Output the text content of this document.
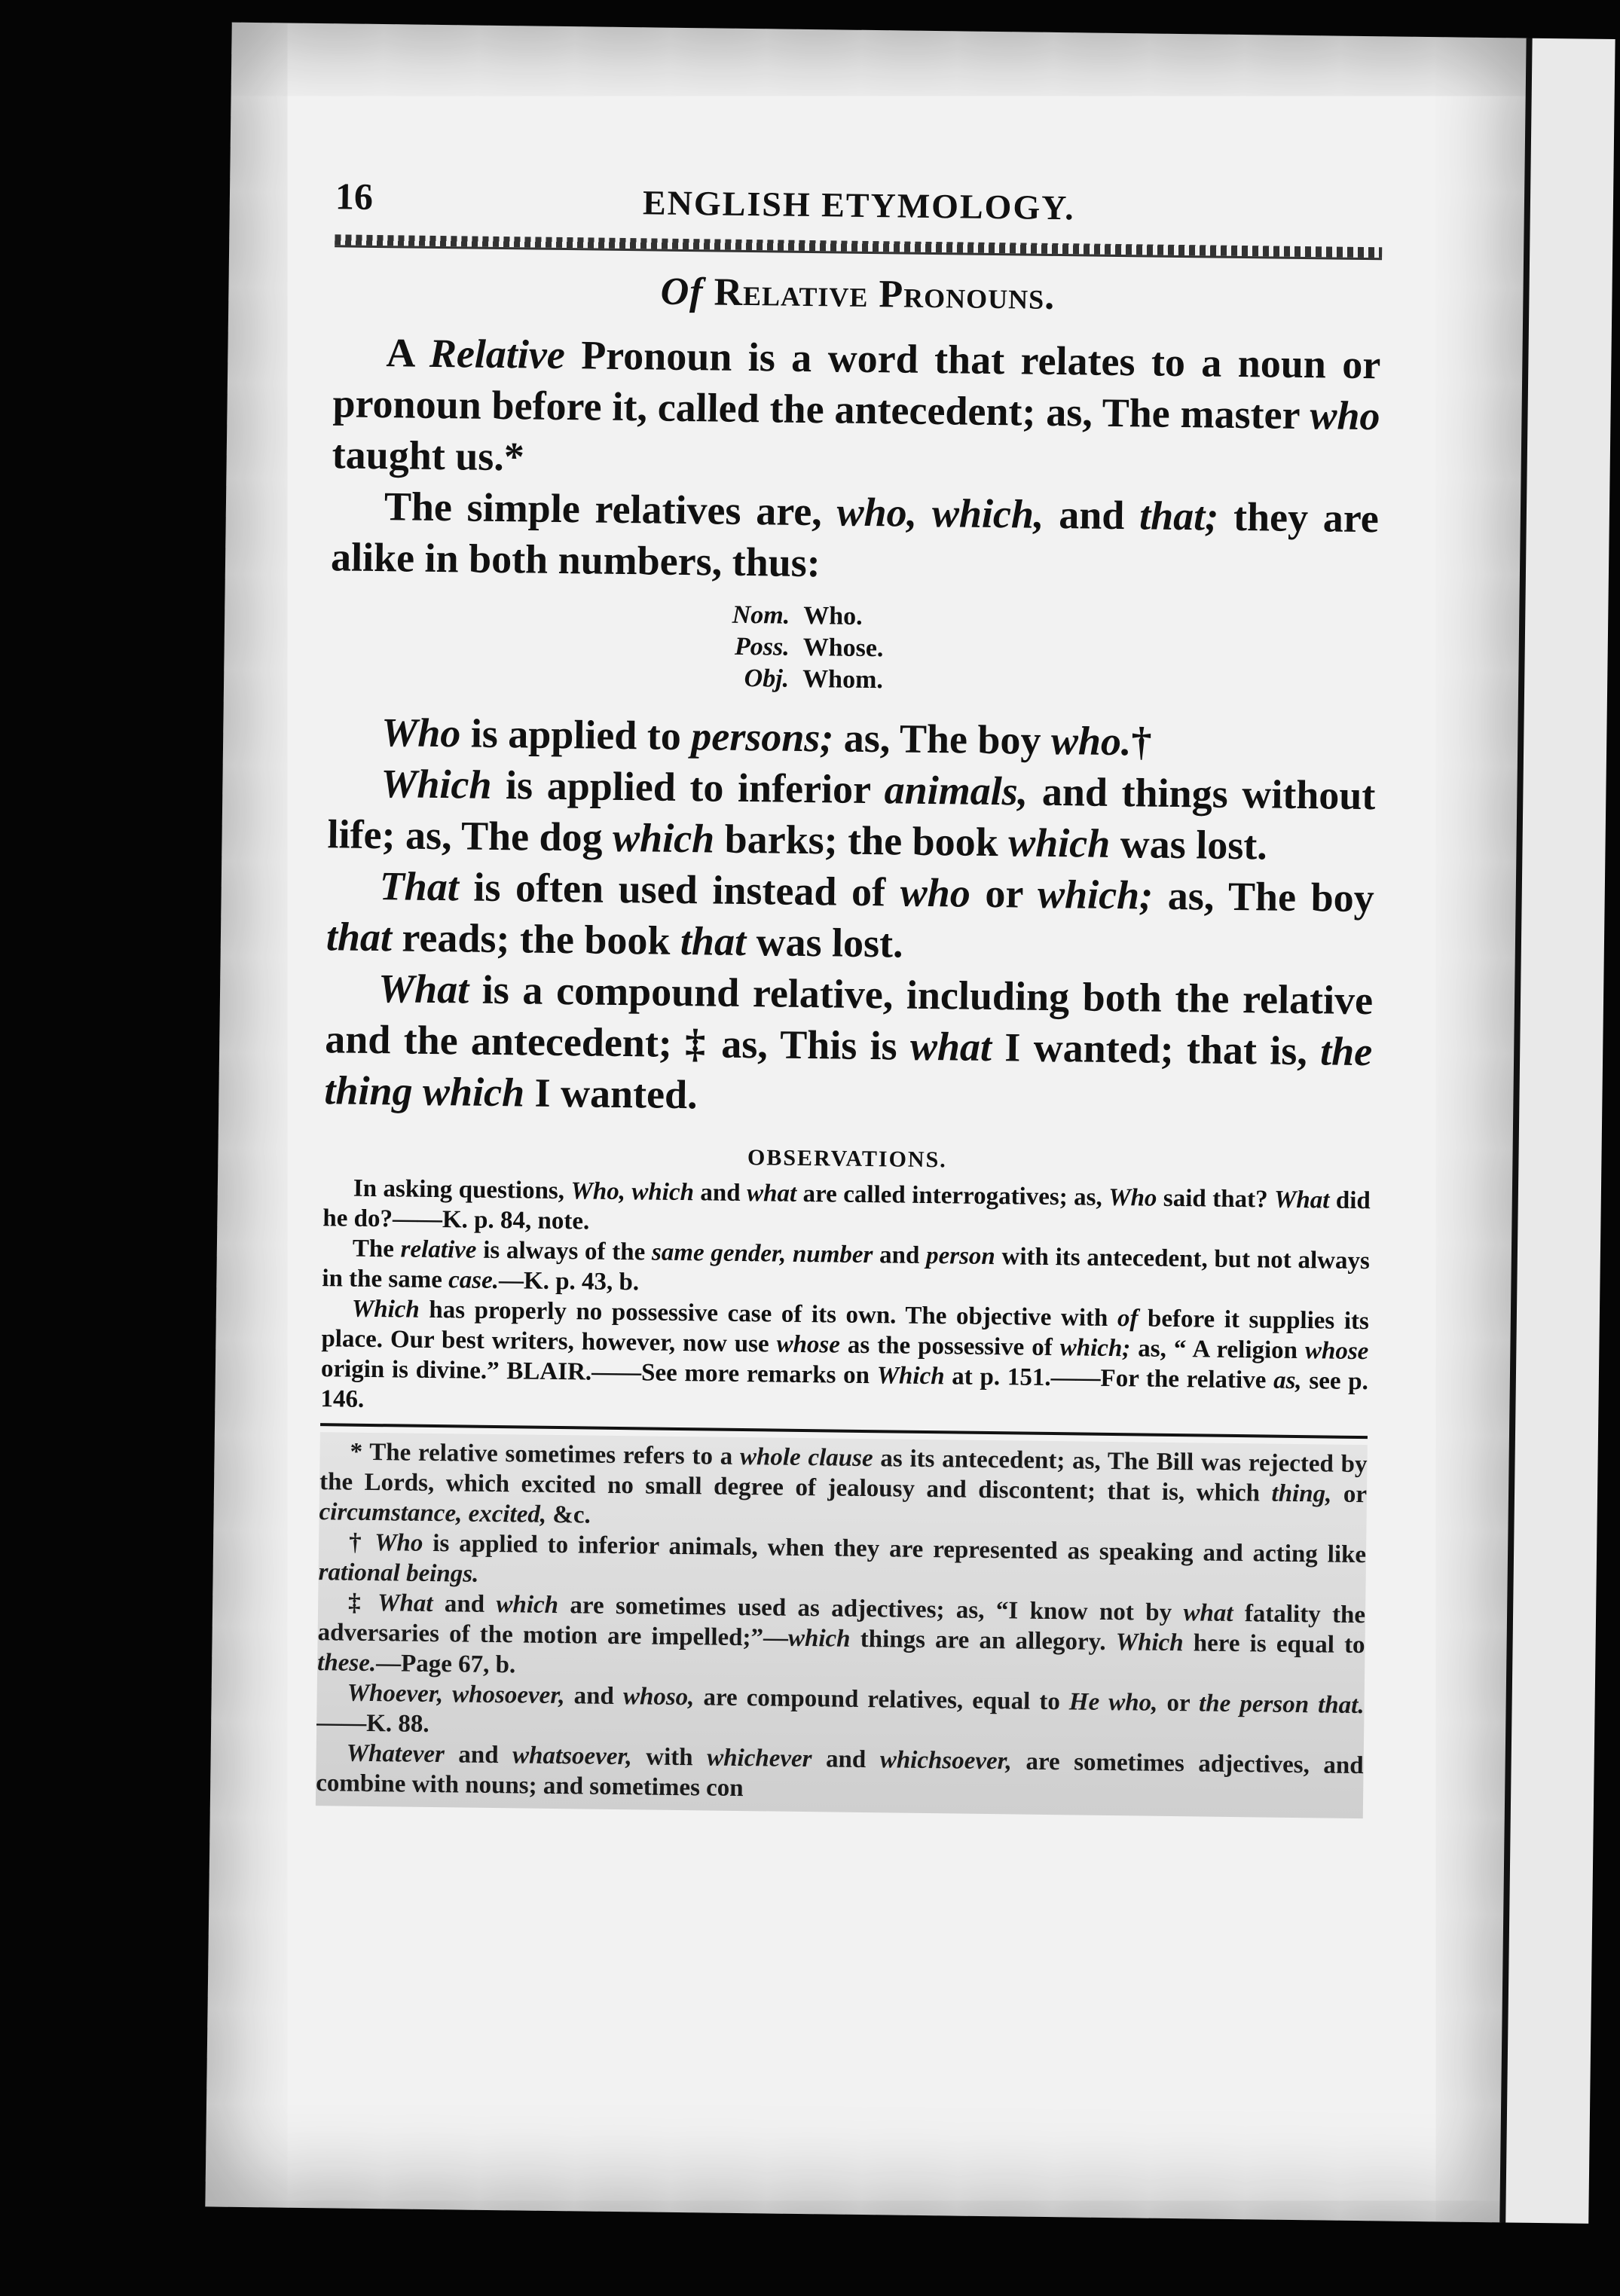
16	ENGLISH ETYMOLOGY.
Of Relative Pronouns.

A Relative Pronoun is a word that relates to a noun or pronoun before it, called the antecedent; as, The master who taught us.*

The simple relatives are, who, which, and that; they are alike in both numbers, thus:

Nom. Who.
Poss. Whose.
Obj. Whom.

Who is applied to persons; as, The boy who.†

Which is applied to inferior animals, and things without life; as, The dog which barks; the book which was lost.

That is often used instead of who or which; as, The boy that reads; the book that was lost.

What is a compound relative, including both the relative and the antecedent; ‡ as, This is what I wanted; that is, the thing which I wanted.

OBSERVATIONS.

In asking questions, Who, which and what are called interrogatives; as, Who said that? What did he do?——K. p. 84, note.

The relative is always of the same gender, number and person with its antecedent, but not always in the same case.—K. p. 43, b.

Which has properly no possessive case of its own. The objective with of before it supplies its place. Our best writers, however, now use whose as the possessive of which; as, “ A religion whose origin is divine.” BLAIR.——See more remarks on Which at p. 151.——For the relative as, see p. 146.

* The relative sometimes refers to a whole clause as its antecedent; as, The Bill was rejected by the Lords, which excited no small degree of jealousy and discontent; that is, which thing, or circumstance, excited, &c.

† Who is applied to inferior animals, when they are represented as speaking and acting like rational beings.

‡ What and which are sometimes used as adjectives; as, “I know not by what fatality the adversaries of the motion are impelled;”—which things are an allegory. Which here is equal to these.—Page 67, b.

Whoever, whosoever, and whoso, are compound relatives, equal to He who, or the person that.——K. 88.

Whatever and whatsoever, with whichever and whichsoever, are sometimes adjectives, and combine with nouns; and sometimes con
